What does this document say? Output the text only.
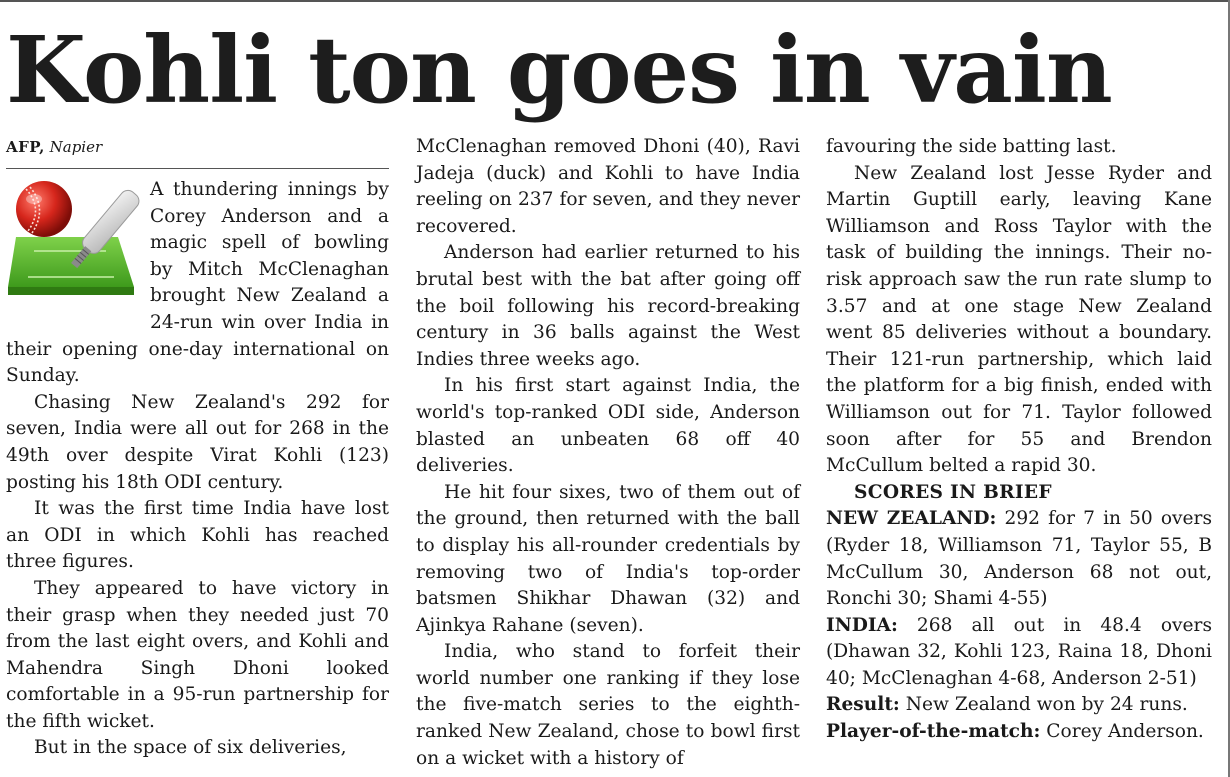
Kohli ton goes in vain
AFP, Napier

A thundering innings by Corey Anderson and a magic spell of bowling by Mitch McClenaghan brought New Zealand a 24-run win over India in their opening one-day international on Sunday.

Chasing New Zealand's 292 for seven, India were all out for 268 in the 49th over despite Virat Kohli (123) posting his 18th ODI century.

It was the first time India have lost an ODI in which Kohli has reached three figures.

They appeared to have victory in their grasp when they needed just 70 from the last eight overs, and Kohli and Mahendra Singh Dhoni looked comfortable in a 95-run partnership for the fifth wicket.

But in the space of six deliveries,

McClenaghan removed Dhoni (40), Ravi Jadeja (duck) and Kohli to have India reeling on 237 for seven, and they never recovered.

Anderson had earlier returned to his brutal best with the bat after going off the boil following his record-breaking century in 36 balls against the West Indies three weeks ago.

In his first start against India, the world's top-ranked ODI side, Anderson blasted an unbeaten 68 off 40 deliveries.

He hit four sixes, two of them out of the ground, then returned with the ball to display his all-rounder credentials by removing two of India's top-order batsmen Shikhar Dhawan (32) and Ajinkya Rahane (seven).

India, who stand to forfeit their world number one ranking if they lose the five-match series to the eighth-ranked New Zealand, chose to bowl first on a wicket with a history of

favouring the side batting last.

New Zealand lost Jesse Ryder and Martin Guptill early, leaving Kane Williamson and Ross Taylor with the task of building the innings. Their no-risk approach saw the run rate slump to 3.57 and at one stage New Zealand went 85 deliveries without a boundary. Their 121-run partnership, which laid the platform for a big finish, ended with Williamson out for 71. Taylor followed soon after for 55 and Brendon McCullum belted a rapid 30.

SCORES IN BRIEF

NEW ZEALAND: 292 for 7 in 50 overs (Ryder 18, Williamson 71, Taylor 55, B McCullum 30, Anderson 68 not out, Ronchi 30; Shami 4-55)

INDIA: 268 all out in 48.4 overs (Dhawan 32, Kohli 123, Raina 18, Dhoni 40; McClenaghan 4-68, Anderson 2-51)

Result: New Zealand won by 24 runs.

Player-of-the-match: Corey Anderson.
